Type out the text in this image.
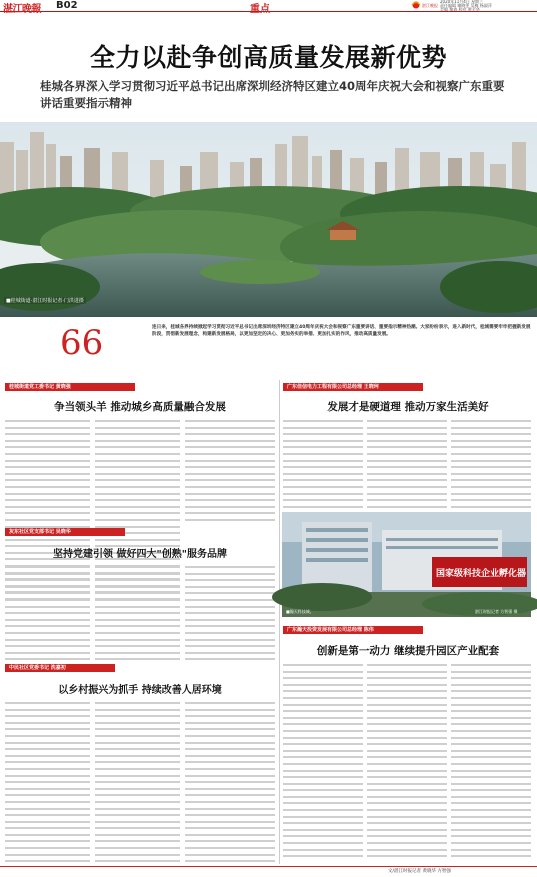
湛江晚報 B02	重点	湛江晚报
2020年11月4日 星期三
责任编辑 谢晓雯 吴梅 杨淑萍
美编 黎倩 校对 黄至华
全力以赴争创高质量发展新优势
桂城各界深入学习贯彻习近平总书记出席深圳经济特区建立40周年庆祝大会和视察广东重要讲话重要指示精神
■桂城街道·湛江时报记者·门洪进摄
66	连日来，桂城各界持续掀起学习贯彻习近平总书记出席深圳经济特区建立40周年庆祝大会和视察广东重要讲话、重要指示精神热潮。大家纷纷表示，进入新时代，桂城需要牢牢把握新发展阶段，贯彻新发展理念，构建新发展格局，以更加坚定的决心、更加务实的举措、更加扎实的作风，推动高质量发展。
桂城街道党工委书记 黄晓强
争当领头羊 推动城乡高质量融合发展
灰东社区党支部书记 吴晓华
坚持党建引领 做好四大"创熟"服务品牌
中民社区党委书记 洗嘉初
以乡村振兴为抓手 持续改善人居环境
广东佳信电力工程有限公司总经理 王晓珂
发展才是硬道理 推动万家生活美好
国家级科技企业孵化器
■瀚天科技城。	湛江时报记者 方智强 摄
广东瀚天投资发展有限公司总经理 陈伟
创新是第一动力 继续提升园区产业配套
文/湛江时报记者 黄晓华 方智强
